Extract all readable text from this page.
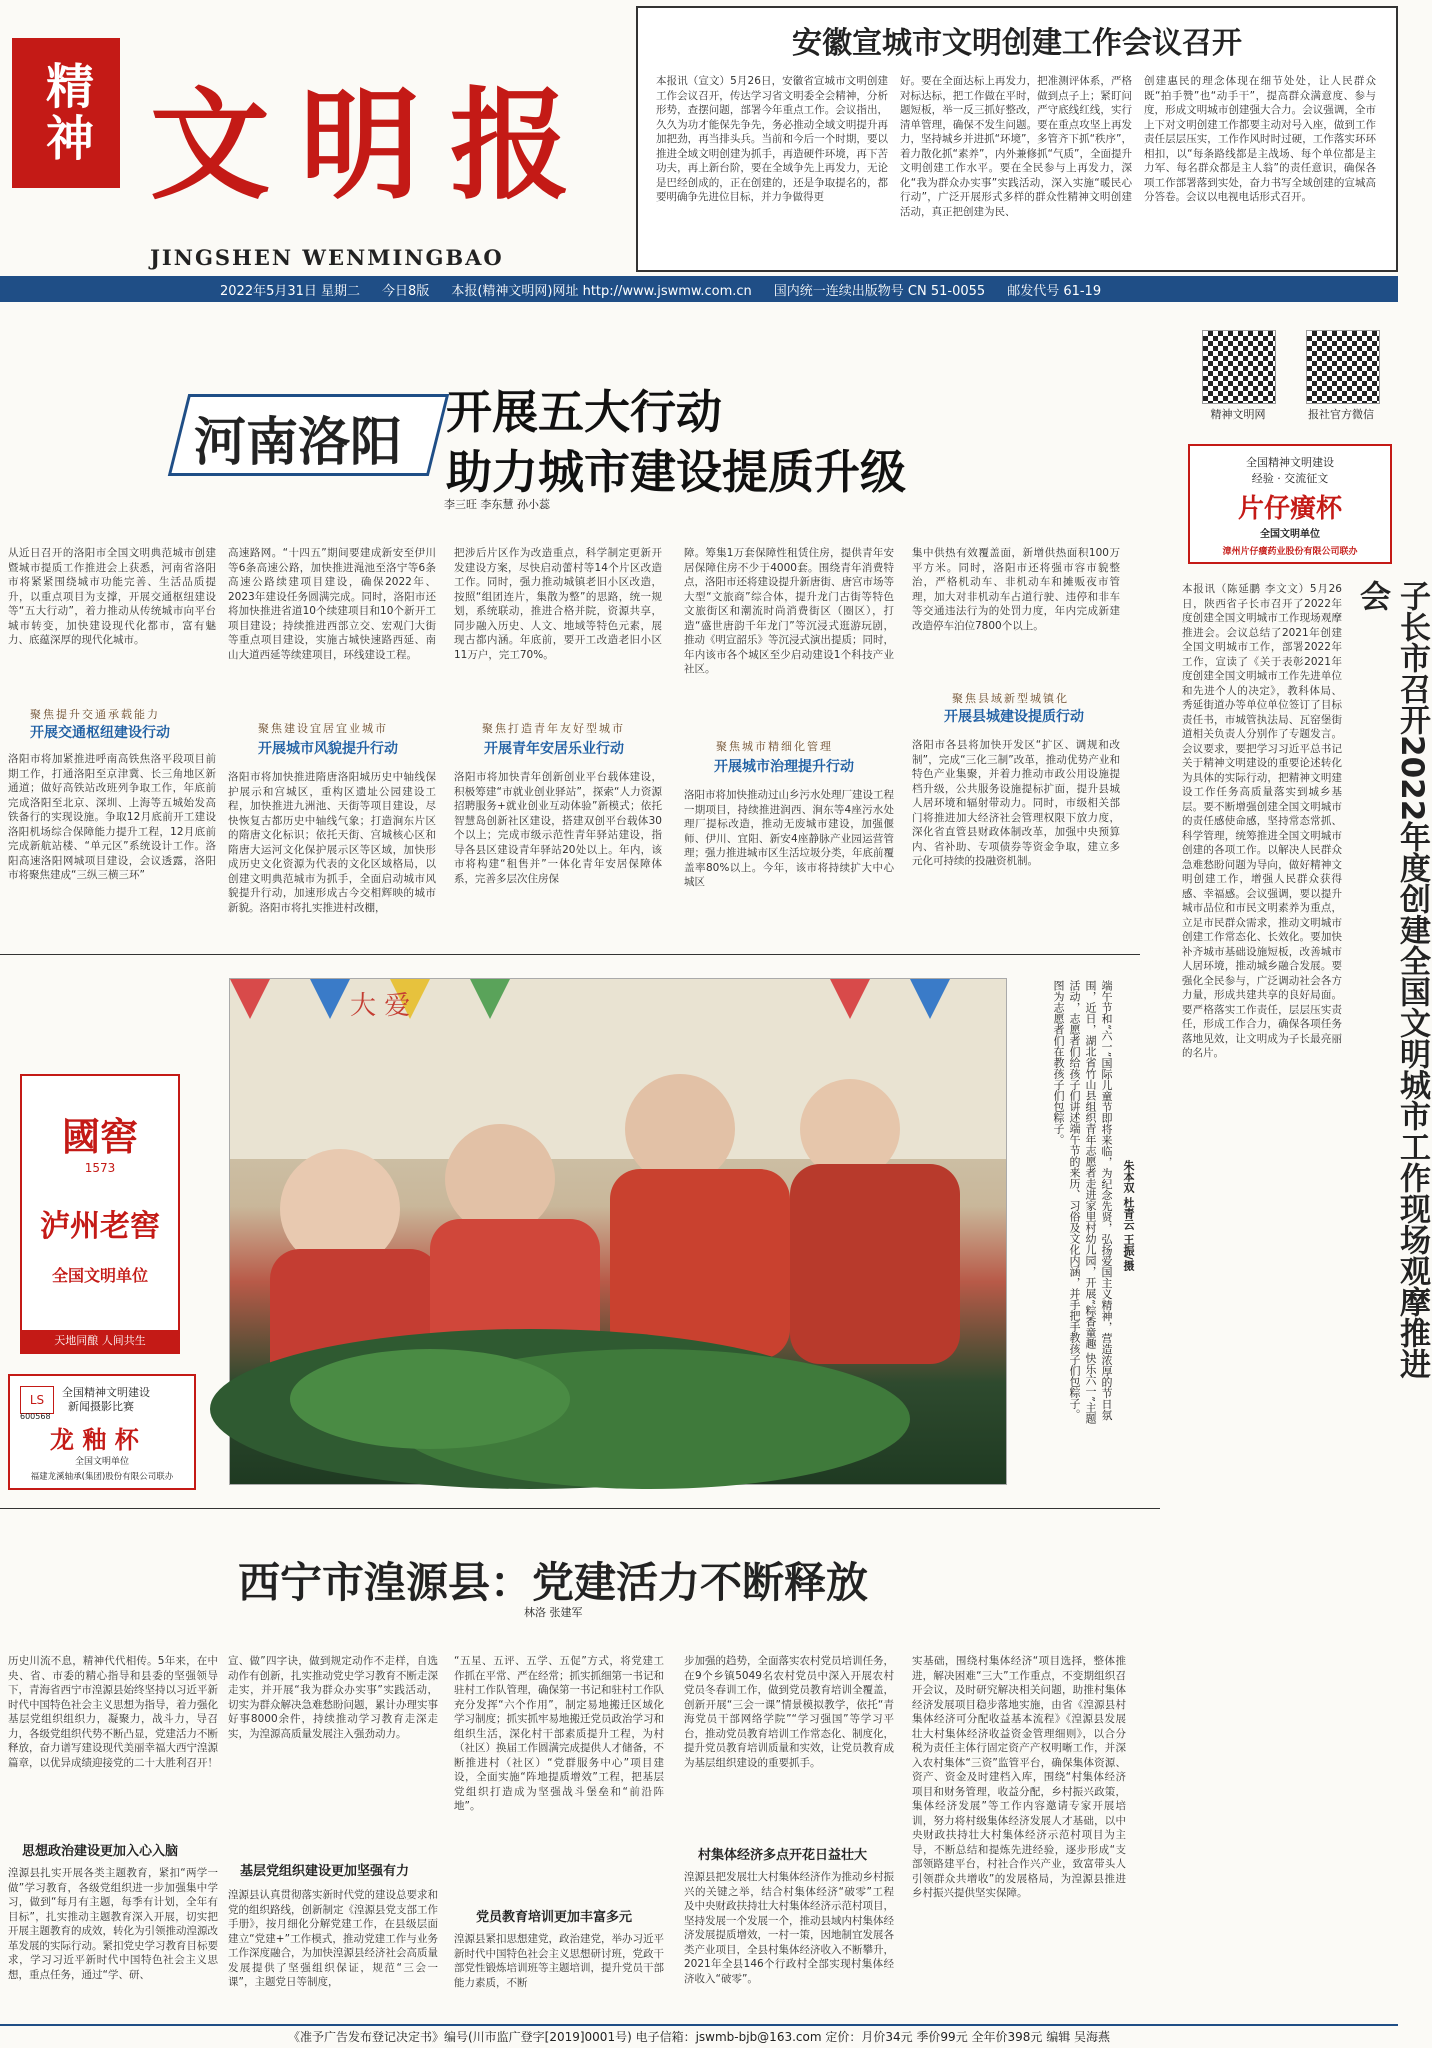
精神 文明报
JINGSHEN WENMINGBAO
安徽宣城市文明创建工作会议召开
本报讯（宣文）5月26日，安徽省宣城市文明创建工作会议召开，传达学习省文明委全会精神，分析形势，查摆问题，部署今年重点工作。会议指出，久久为功才能保先争先，务必推动全域文明提升再加把劲，再当排头兵。当前和今后一个时期，要以推进全域文明创建为抓手，再造硬件环境，再下苦功夫，再上新台阶，要在全域争先上再发力，无论是巴经创成的，正在创建的，还是争取提名的，都要明确争先进位目标，并力争做得更
好。要在全面达标上再发力，把准测评体系，严格对标达标，把工作做在平时，做到点子上；紧盯问题短板，举一反三抓好整改，严守底线红线，实行清单管理，确保不发生问题。要在重点攻坚上再发力，坚持城乡并进抓“环境”，多管齐下抓“秩序”，着力散化抓“素养”，内外兼修抓“气质”，全面提升文明创建工作水平。要在全民参与上再发力，深化“我为群众办实事”实践活动，深入实施“暖民心行动”，广泛开展形式多样的群众性精神文明创建活动，真正把创建为民、
创建惠民的理念体现在细节处处，让人民群众既“拍手赞”也“动手干”，提高群众满意度、参与度，形成文明城市创建强大合力。会议强调，全市上下对文明创建工作都要主动对号入座，做到工作责任层层压实，工作作风时时过硬，工作落实环环相扣，以“每条路线都是主战场、每个单位都是主力军、每名群众都是主人翁”的责任意识，确保各项工作部署落到实处，奋力书写全域创建的宣城高分答卷。会议以电视电话形式召开。
2022年5月31日 星期二 今日8版 本报(精神文明网)网址 http://www.jswmw.com.cn 国内统一连续出版物号 CN 51-0055 邮发代号 61-19
精神文明网	报社官方微信
全国精神文明建设
经验 · 交流征文
片仔癀杯
全国文明单位
漳州片仔癀药业股份有限公司联办
河南洛阳 开展五大行动
助力城市建设提质升级
李三旺 李东慧 孙小蕊
从近日召开的洛阳市全国文明典范城市创建暨城市提质工作推进会上获悉，河南省洛阳市将紧紧围绕城市功能完善、生活品质提升，以重点项目为支撑，开展交通枢纽建设等“五大行动”，着力推动从传统城市向平台城市转变，加快建设现代化都市，富有魅力、底蕴深厚的现代化城市。
聚焦提升交通承载能力
开展交通枢纽建设行动
洛阳市将加紧推进呼南高铁焦洛平段项目前期工作，打通洛阳至京津冀、长三角地区新通道；做好高铁站改班列争取工作，年底前完成洛阳至北京、深圳、上海等五城始发高铁备行的实现设施。争取12月底前开工建设洛阳机场综合保障能力提升工程，12月底前完成新航站楼、“单元区”系统设计工作。洛阳高速洛阳网城项目建设，会议透露，洛阳市将聚焦建成“三纵三横三环”
高速路网。“十四五”期间要建成新安至伊川等6条高速公路，加快推进渑池至洛宁等6条高速公路续建项目建设，确保2022年、2023年建设任务圆满完成。同时，洛阳市还将加快推进省道10个续建项目和10个新开工项目建设；持续推进西部立交、宏观门大街等重点项目建设，实施古城快速路西延、南山大道西延等续建项目，环线建设工程。
聚焦建设宜居宜业城市
开展城市风貌提升行动
洛阳市将加快推进隋唐洛阳城历史中轴线保护展示和宫城区，重构区遗址公园建设工程，加快推进九洲池、天街等项目建设，尽快恢复古都历史中轴线气象；打造涧东片区的隋唐文化标识；依托天街、宫城核心区和隋唐大运河文化保护展示区等区域，加快形成历史文化资源为代表的文化区域格局，以创建文明典范城市为抓手，全面启动城市风貌提升行动，加速形成古今交相辉映的城市新貌。洛阳市将扎实推进村改棚，
把涉后片区作为改造重点，科学制定更新开发建设方案，尽快启动蕾村等14个片区改造工作。同时，强力推动城镇老旧小区改造，按照“组团连片，集散为整”的思路，统一规划，系统联动，推进合格并院，资源共享，同步融入历史、人文、地域等特色元素，展现古都内涵。年底前，要开工改造老旧小区11万户，完工70%。
聚焦打造青年友好型城市
开展青年安居乐业行动
洛阳市将加快青年创新创业平台载体建设，积极筹建“市就业创业驿站”，探索“人力资源招聘服务+就业创业互动体验”新模式；依托智慧岛创新社区建设，搭建双创平台载体30个以上；完成市级示范性青年驿站建设，指导各县区建设青年驿站20处以上。年内，该市将构建“租售并”一体化青年安居保障体系，完善多层次住房保
障。筹集1万套保障性租赁住房，提供青年安居保障住房不少于4000套。围绕青年消费特点，洛阳市还将建设提升新唐街、唐宫市场等大型“文旅商”综合体，提升龙门古街等特色文旅街区和潮流时尚消费街区（圈区），打造“盛世唐韵千年龙门”等沉浸式逛游玩剧，推动《明宣韶乐》等沉浸式演出提质；同时，年内该市各个城区至少启动建设1个科技产业社区。
聚焦城市精细化管理
开展城市治理提升行动
洛阳市将加快推动过山乡污水处理厂建设工程一期项目，持续推进润西、涧东等4座污水处理厂提标改造，推动无废城市建设，加强偃师、伊川、宜阳、新安4座静脉产业园运营管理；强力推进城市区生活垃圾分类，年底前覆盖率80%以上。今年，该市将持续扩大中心城区
集中供热有效覆盖面，新增供热面积100万平方米。同时，洛阳市还将强市容市貌整治，严格机动车、非机动车和摊贩夜市管理，加大对非机动车占道行驶、违停和非车等交通违法行为的处罚力度，年内完成新建改造停车泊位7800个以上。
聚焦县域新型城镇化
开展县城建设提质行动
洛阳市各县将加快开发区“扩区、调规和改制”，完成“三化三制”改革，推动优势产业和特色产业集聚，并着力推动市政公用设施提档升级，公共服务设施提标扩面，提升县城人居环境和辐射带动力。同时，市级相关部门将推进加大经济社会管理权限下放力度，深化省直管县财政体制改革，加强中央预算内、省补助、专项债券等资金争取，建立多元化可持续的投融资机制。	子长市召开2022年度创建全国文明城市工作现场观摩推进会
本报讯（陈延鹏 李文文）5月26日，陕西省子长市召开了2022年度创建全国文明城市工作现场观摩推进会。会议总结了2021年创建全国文明城市工作，部署2022年工作，宣读了《关于表彰2021年度创建全国文明城市工作先进单位和先进个人的决定》，教科体局、秀延街道办等单位单位签订了目标责任书，市城管执法局、瓦窑堡街道相关负责人分别作了专题发言。会议要求，要把学习习近平总书记关于精神文明建设的重要论述转化为具体的实际行动，把精神文明建设工作任务高质量落实到城乡基层。要不断增强创建全国文明城市的责任感使命感，坚持常态常抓、科学管理，统筹推进全国文明城市创建的各项工作。以解决人民群众急难愁盼问题为导向，做好精神文明创建工作，增强人民群众获得感、幸福感。会议强调，要以提升城市品位和市民文明素养为重点，立足市民群众需求，推动文明城市创建工作常态化、长效化。要加快补齐城市基础设施短板，改善城市人居环境，推动城乡融合发展。要强化全民参与，广泛调动社会各方力量，形成共建共享的良好局面。要严格落实工作责任，层层压实责任，形成工作合力，确保各项任务落地见效，让文明成为子长最亮丽的名片。
國窖
1573
泸州老窖
全国文明单位
天地同酿 人间共生
LS
600568
全国精神文明建设
新闻摄影比赛
龙 釉 杯
全国文明单位
福建龙溪轴承(集团)股份有限公司联办
大 爱	端午节和“六一”国际儿童节即将来临，为纪念先贤，弘扬爱国主义精神，营造浓厚的节日氛围，近日，湖北省竹山县组织青年志愿者走进家里村幼儿园，开展“粽香童趣 快乐六一”主题活动，志愿者们给孩子们讲述端午节的来历、习俗及文化内涵，并手把手教孩子们包粽子。图为志愿者们在教孩子们包粽子。
朱本双 杜青云 王振/摄
西宁市湟源县：党建活力不断释放
林洛 张建军
历史川流不息，精神代代相传。5年来，在中央、省、市委的精心指导和县委的坚强领导下，青海省西宁市湟源县始终坚持以习近平新时代中国特色社会主义思想为指导，着力强化基层党组织组织力，凝聚力，战斗力，导召力，各级党组织代势不断凸显，党建活力不断释放，奋力谱写建设现代美丽幸福大西宁湟源篇章，以优异成绩迎接党的二十大胜利召开！
思想政治建设更加入心入脑
湟源县扎实开展各类主题教育，紧扣“两学一做”学习教育，各级党组织进一步加强集中学习，做到“每月有主题，每季有计划，全年有目标”，扎实推动主题教育深入开展，切实把开展主题教育的成效，转化为引领推动湟源改革发展的实际行动。紧扣党史学习教育目标要求，学习习近平新时代中国特色社会主义思想，重点任务，通过“学、研、
宣、做”四字诀，做到规定动作不走样，自选动作有创新，扎实推动党史学习教育不断走深走实，并开展“我为群众办实事”实践活动，切实为群众解决急难愁盼问题，累计办理实事好事8000余件，持续推动学习教育走深走实，为湟源高质量发展注入强劲动力。
基层党组织建设更加坚强有力
湟源县认真贯彻落实新时代党的建设总要求和党的组织路线，创新制定《湟源县党支部工作手册》，按月细化分解党建工作，在县级层面建立“党建+”工作模式，推动党建工作与业务工作深度融合，为加快湟源县经济社会高质量发展提供了坚强组织保证，规范“三会一课”，主题党日等制度，
“五星、五评、五学、五促”方式，将党建工作抓在平常、严在经常；抓实抓细第一书记和驻村工作队管理，确保第一书记和驻村工作队充分发挥“六个作用”，制定易地搬迁区域化学习制度；抓实抓牢易地搬迁党员政治学习和组织生活，深化村干部素质提升工程，为村（社区）换届工作圆满完成提供人才储备，不断推进村（社区）“党群服务中心”项目建设，全面实施“阵地提质增效”工程，把基层党组织打造成为坚强战斗堡垒和“前沿阵地”。
党员教育培训更加丰富多元
湟源县紧扣思想建党，政治建党，举办习近平新时代中国特色社会主义思想研讨班，党政干部党性锻炼培训班等主题培训，提升党员干部能力素质，不断
步加强的趋势，全面落实农村党员培训任务，在9个乡镇5049名农村党员中深入开展农村党员冬春训工作，做到党员教育培训全覆盖，创新开展“三会一课”情景模拟教学，依托“青海党员干部网络学院”“学习强国”等学习平台，推动党员教育培训工作常态化、制度化，提升党员教育培训质量和实效，让党员教育成为基层组织建设的重要抓手。
村集体经济多点开花日益壮大
湟源县把发展壮大村集体经济作为推动乡村振兴的关键之举，结合村集体经济“破零”工程及中央财政扶持壮大村集体经济示范村项目，坚持发展一个发展一个，推动县域内村集体经济发展提质增效，一村一策，因地制宜发展各类产业项目，全县村集体经济收入不断攀升，2021年全县146个行政村全部实现村集体经济收入“破零”。
实基础，围绕村集体经济“项目选择，整体推进，解决困难“三大”工作重点，不变期组织召开会议，及时研究解决相关问题，助推村集体经济发展项目稳步落地实施，由省《湟源县村集体经济可分配收益基本流程》《湟源县发展壮大村集体经济收益资金管理细则》，以合分税为责任主体行固定资产产权明晰工作，并深入农村集体“三资”监管平台，确保集体资源、资产、资金及时建档入库，围绕“村集体经济项目和财务管理，收益分配，乡村振兴政策，集体经济发展”等工作内容邀请专家开展培训，努力将村级集体经济发展人才基础，以中央财政扶持壮大村集体经济示范村项目为主导，不断总结和提炼先进经验，逐步形成“支部领路建平台，村社合作兴产业，致富带头人引领群众共增收”的发展格局，为湟源县推进乡村振兴提供坚实保障。
《准予广告发布登记决定书》编号(川市监广登字[2019]0001号) 电子信箱：jswmb-bjb@163.com 定价：月价34元 季价99元 全年价398元 编辑 吴海燕
